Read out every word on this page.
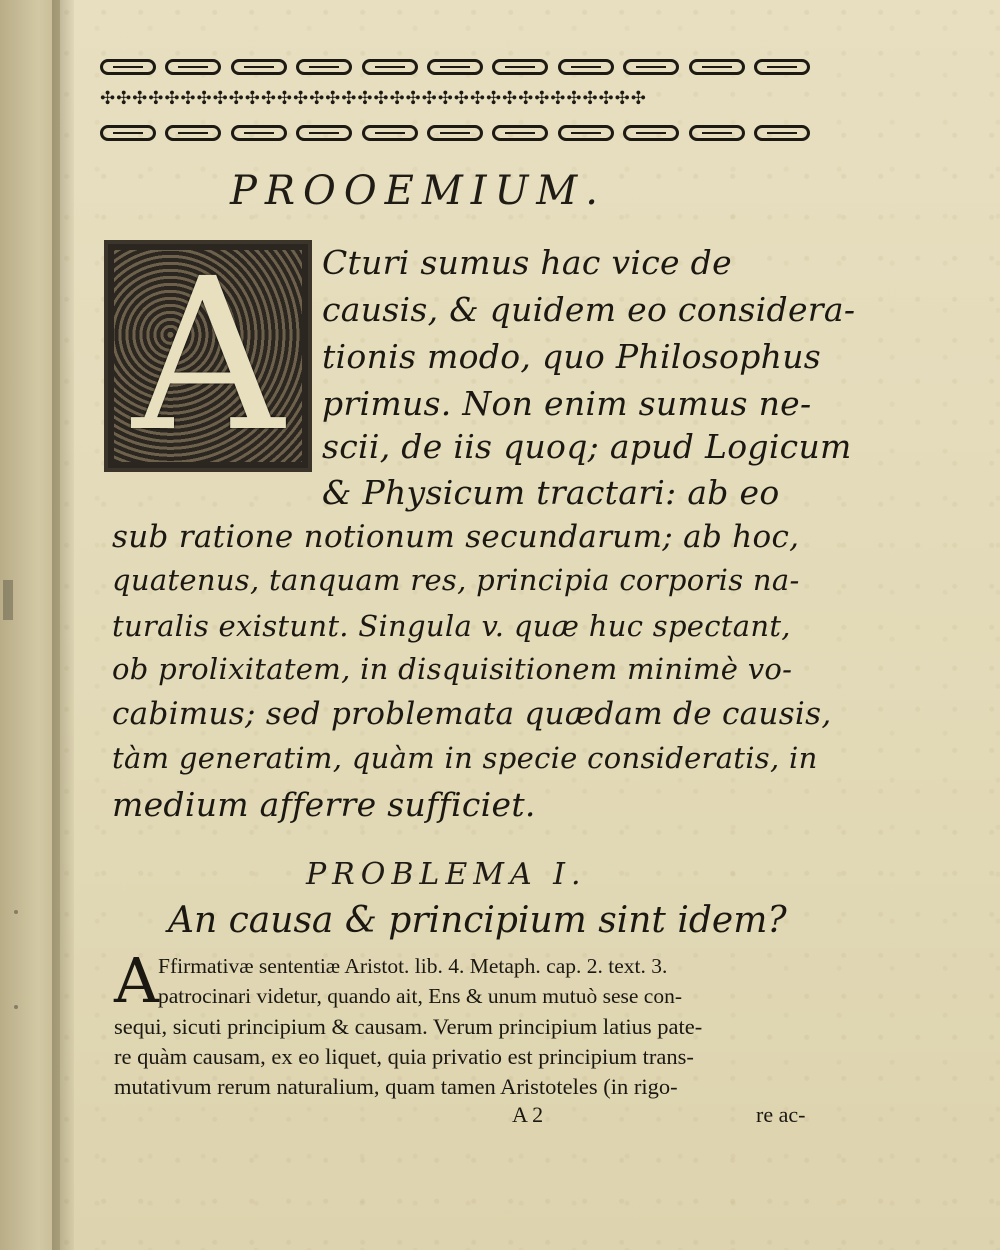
✣✣✣✣✣✣✣✣✣✣✣✣✣✣✣✣✣✣✣✣✣✣✣✣✣✣✣✣✣✣✣✣✣✣
PROOEMIUM.
A	Cturi sumus hac vice de
causis, & quidem eo considera-
tionis modo, quo Philosophus
primus. Non enim sumus ne-
scii, de iis quoq; apud Logicum
& Physicum tractari: ab eo
sub ratione notionum secundarum; ab hoc,
quatenus, tanquam res, principia corporis na-
turalis existunt. Singula v. quæ huc spectant,
ob prolixitatem, in disquisitionem minimè vo-
cabimus; sed problemata quædam de causis,
tàm generatim, quàm in specie consideratis, in
medium afferre sufficiet.
PROBLEMA I.
An causa & principium sint idem?
A Ffirmativæ sententiæ Aristot. lib. 4. Metaph. cap. 2. text. 3.
patrocinari videtur, quando ait, Ens & unum mutuò sese con-
sequi, sicuti principium & causam. Verum principium latius pate-
re quàm causam, ex eo liquet, quia privatio est principium trans-
mutativum rerum naturalium, quam tamen Aristoteles (in rigo-
A 2	re ac-
